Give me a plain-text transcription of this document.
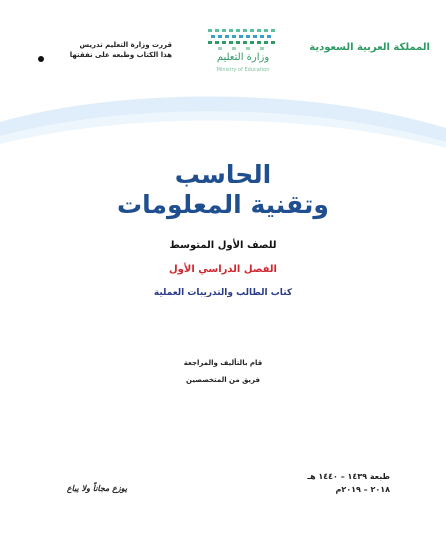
المملكة العربية السعودية
وزارة التعليم
Ministry of Education
قررت وزارة التعليم تدريس
هذا الكتاب وطبعه على نفقتها
الحاسب
وتقنية المعلومات
للصف الأول المتوسط
الفصل الدراسي الأول
كتاب الطالب والتدريبات العملية
قام بالتأليف والمراجعة
فريق من المتخصصين
طبعة ١٤٣٩ – ١٤٤٠ هـ
٢٠١٨ – ٢٠١٩م
يوزع مجاناً ولا يباع
